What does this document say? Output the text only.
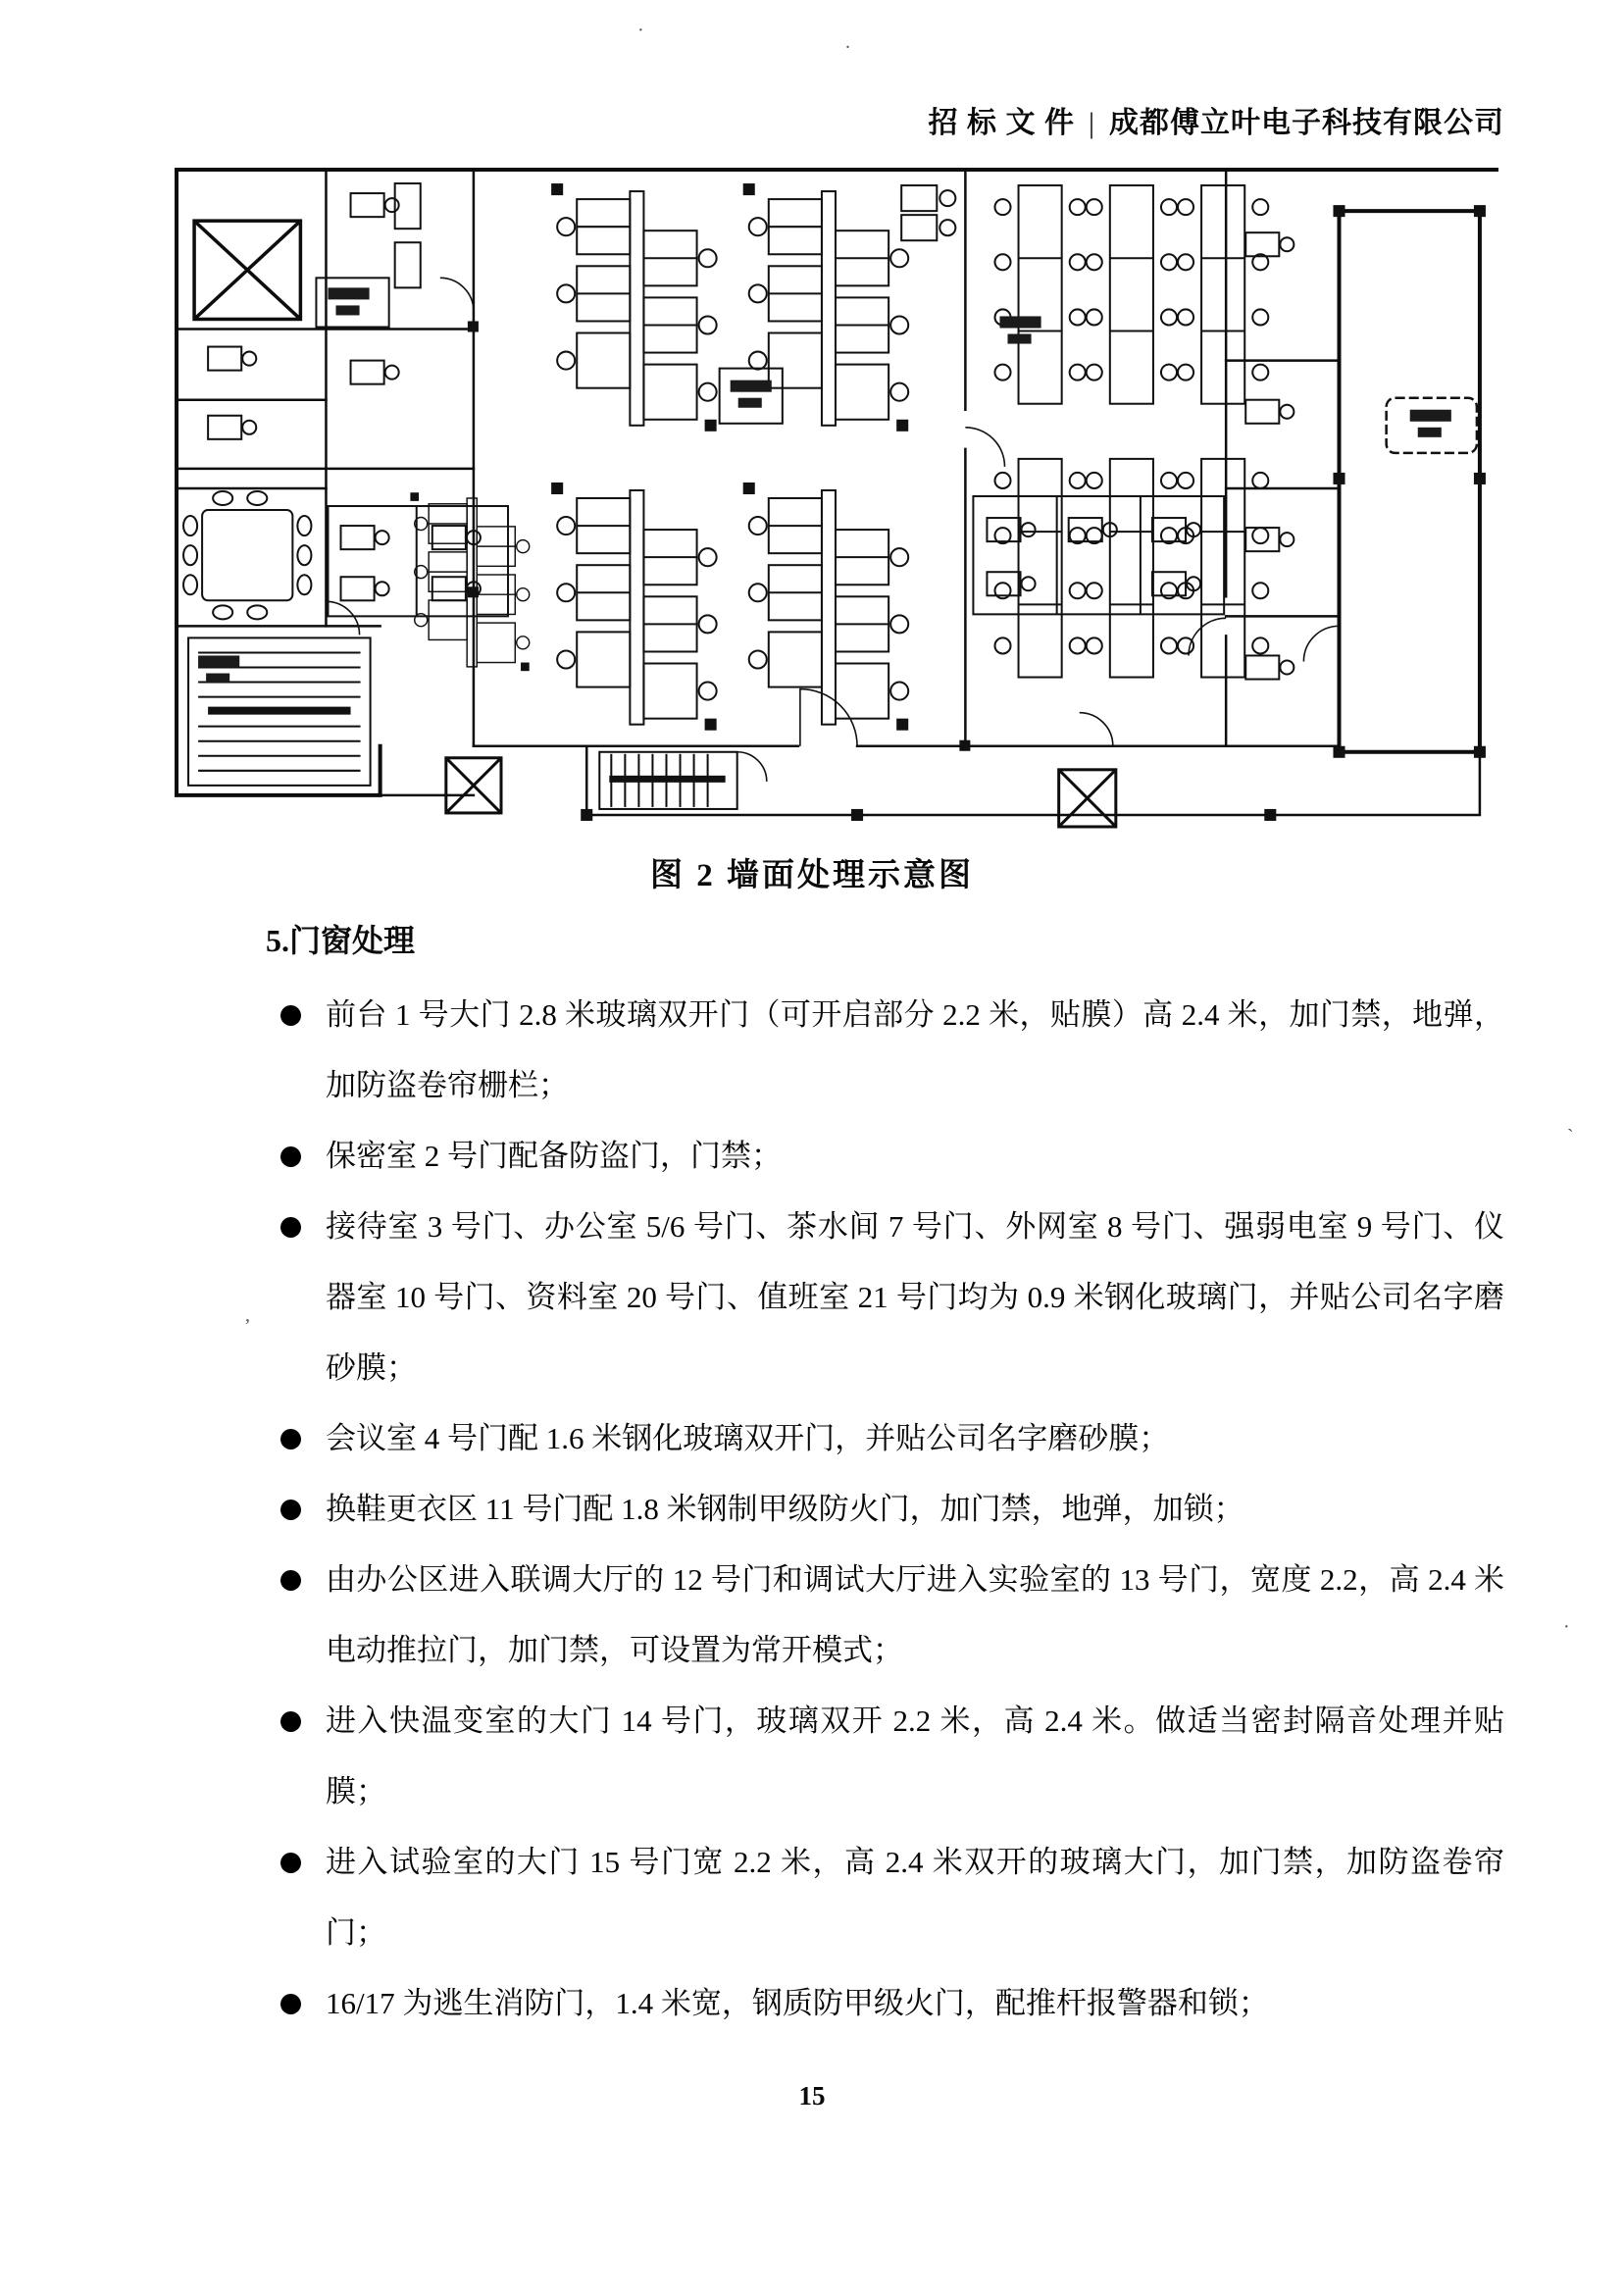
招 标 文 件 | 成都傅立叶电子科技有限公司
图 2 墙面处理示意图
5.门窗处理
前台 1 号大门 2.8 米玻璃双开门（可开启部分 2.2 米，贴膜）高 2.4 米，加门禁，地弹，加防盗卷帘栅栏；
保密室 2 号门配备防盗门，门禁；
接待室 3 号门、办公室 5/6 号门、茶水间 7 号门、外网室 8 号门、强弱电室 9 号门、仪器室 10 号门、资料室 20 号门、值班室 21 号门均为 0.9 米钢化玻璃门，并贴公司名字磨砂膜；
会议室 4 号门配 1.6 米钢化玻璃双开门，并贴公司名字磨砂膜；
换鞋更衣区 11 号门配 1.8 米钢制甲级防火门，加门禁，地弹，加锁；
由办公区进入联调大厅的 12 号门和调试大厅进入实验室的 13 号门，宽度 2.2，高 2.4 米电动推拉门，加门禁，可设置为常开模式；
进入快温变室的大门 14 号门，玻璃双开 2.2 米，高 2.4 米。做适当密封隔音处理并贴膜；
进入试验室的大门 15 号门宽 2.2 米，高 2.4 米双开的玻璃大门，加门禁，加防盗卷帘门；
16/17 为逃生消防门，1.4 米宽，钢质防甲级火门，配推杆报警器和锁；
15
·
.
,
`
·
